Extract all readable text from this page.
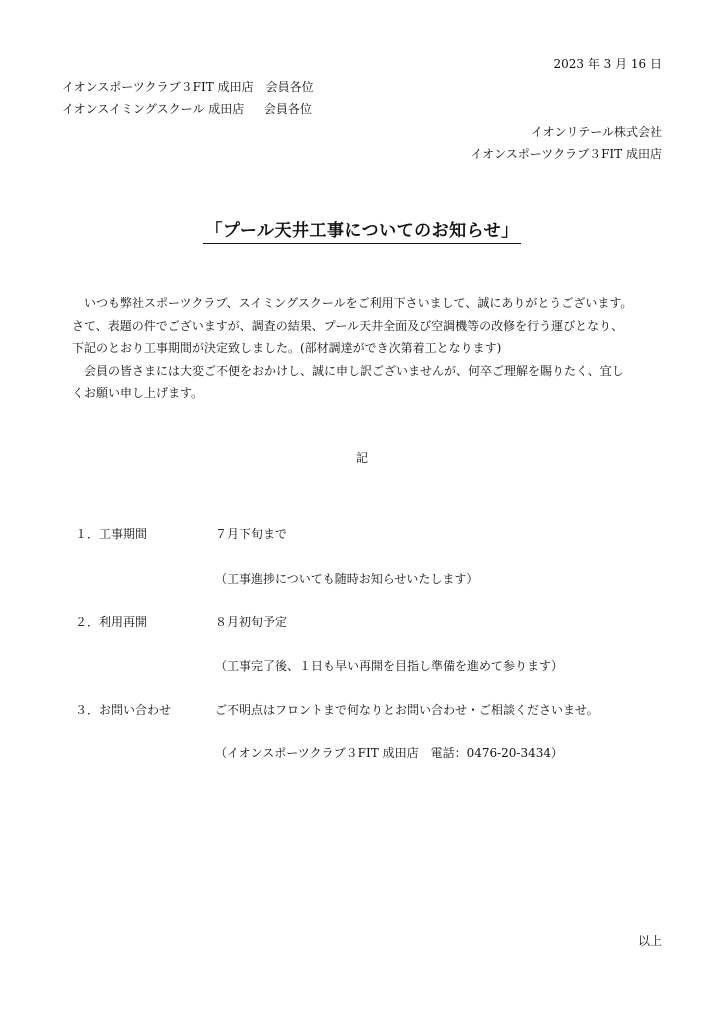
2023 年 3 月 16 日
イオンスポーツクラブ３FIT 成田店　会員各位
イオンスイミングスクール 成田店 　 会員各位
イオンリテール株式会社
イオンスポーツクラブ３FIT 成田店
「プール天井工事についてのお知らせ」

　いつも弊社スポーツクラブ、スイミングスクールをご利用下さいまして、誠にありがとうございます。

さて、表題の件でございますが、調査の結果、プール天井全面及び空調機等の改修を行う運びとなり、

下記のとおり工事期間が決定致しました。(部材調達ができ次第着工となります)

　会員の皆さまには大変ご不便をおかけし、誠に申し訳ございませんが、何卒ご理解を賜りたく、宜し

くお願い申し上げます。

記
１．工事期間	７月下旬まで
（工事進捗についても随時お知らせいたします）
２．利用再開	８月初旬予定
（工事完了後、１日も早い再開を目指し準備を進めて参ります）
３．お問い合わせ	ご不明点はフロントまで何なりとお問い合わせ・ご相談くださいませ。
（イオンスポーツクラブ３FIT 成田店　電話：0476-20-3434）
以上
